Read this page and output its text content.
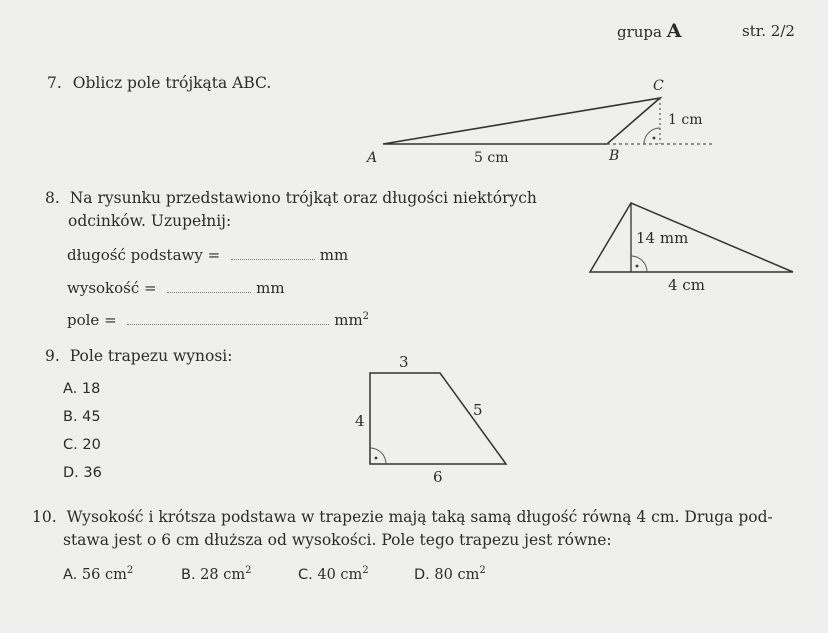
grupa A	str. 2/2
7. Oblicz pole trójkąta ABC.
A	B
C
5 cm
1 cm
8. Na rysunku przedstawiono trójkąt oraz długości niektórych
odcinków. Uzupełnij:
długość podstawy =	mm
wysokość =	mm
pole =	$mm^2$
14 mm
4 cm
9. Pole trapezu wynosi:
A. 18
B. 45
C. 20
D. 36
3
4
5
6
10. Wysokość i krótsza podstawa w trapezie mają taką samą długość równą 4 cm. Druga pod-
stawa jest o 6 cm dłuższa od wysokości. Pole tego trapezu jest równe:
A. 56 $cm^2$	B. 28 $cm^2$	C. 40 $cm^2$	D. 80 $cm^2$
